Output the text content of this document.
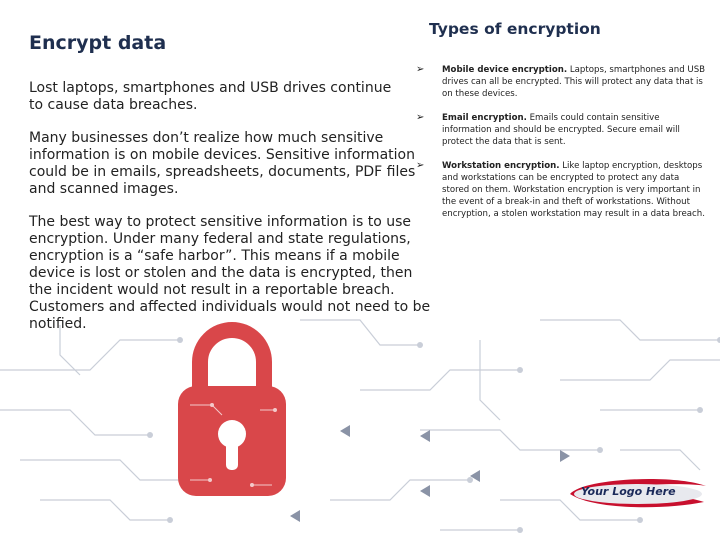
Encrypt data
Lost laptops, smartphones and USB drives continue to cause data breaches.
Many businesses don’t realize how much sensitive information is on mobile devices. Sensitive information could be in emails, spreadsheets, documents, PDF files and scanned images.
The best way to protect sensitive information is to use encryption. Under many federal and state regulations, encryption is a “safe harbor”. This means if a mobile device is lost or stolen and the data is encrypted, then the incident would not result in a reportable breach. Customers and affected individuals would not need to be notified.
Types of encryption
➢ Mobile device encryption. Laptops, smartphones and USB drives can all be encrypted. This will protect any data that is on these devices.
➢ Email encryption. Emails could contain sensitive information and should be encrypted. Secure email will protect the data that is sent.
➢ Workstation encryption. Like laptop encryption, desktops and workstations can be encrypted to protect any data stored on them. Workstation encryption is very important in the event of a break-in and theft of workstations. Without encryption, a stolen workstation may result in a data breach.
Your Logo Here
